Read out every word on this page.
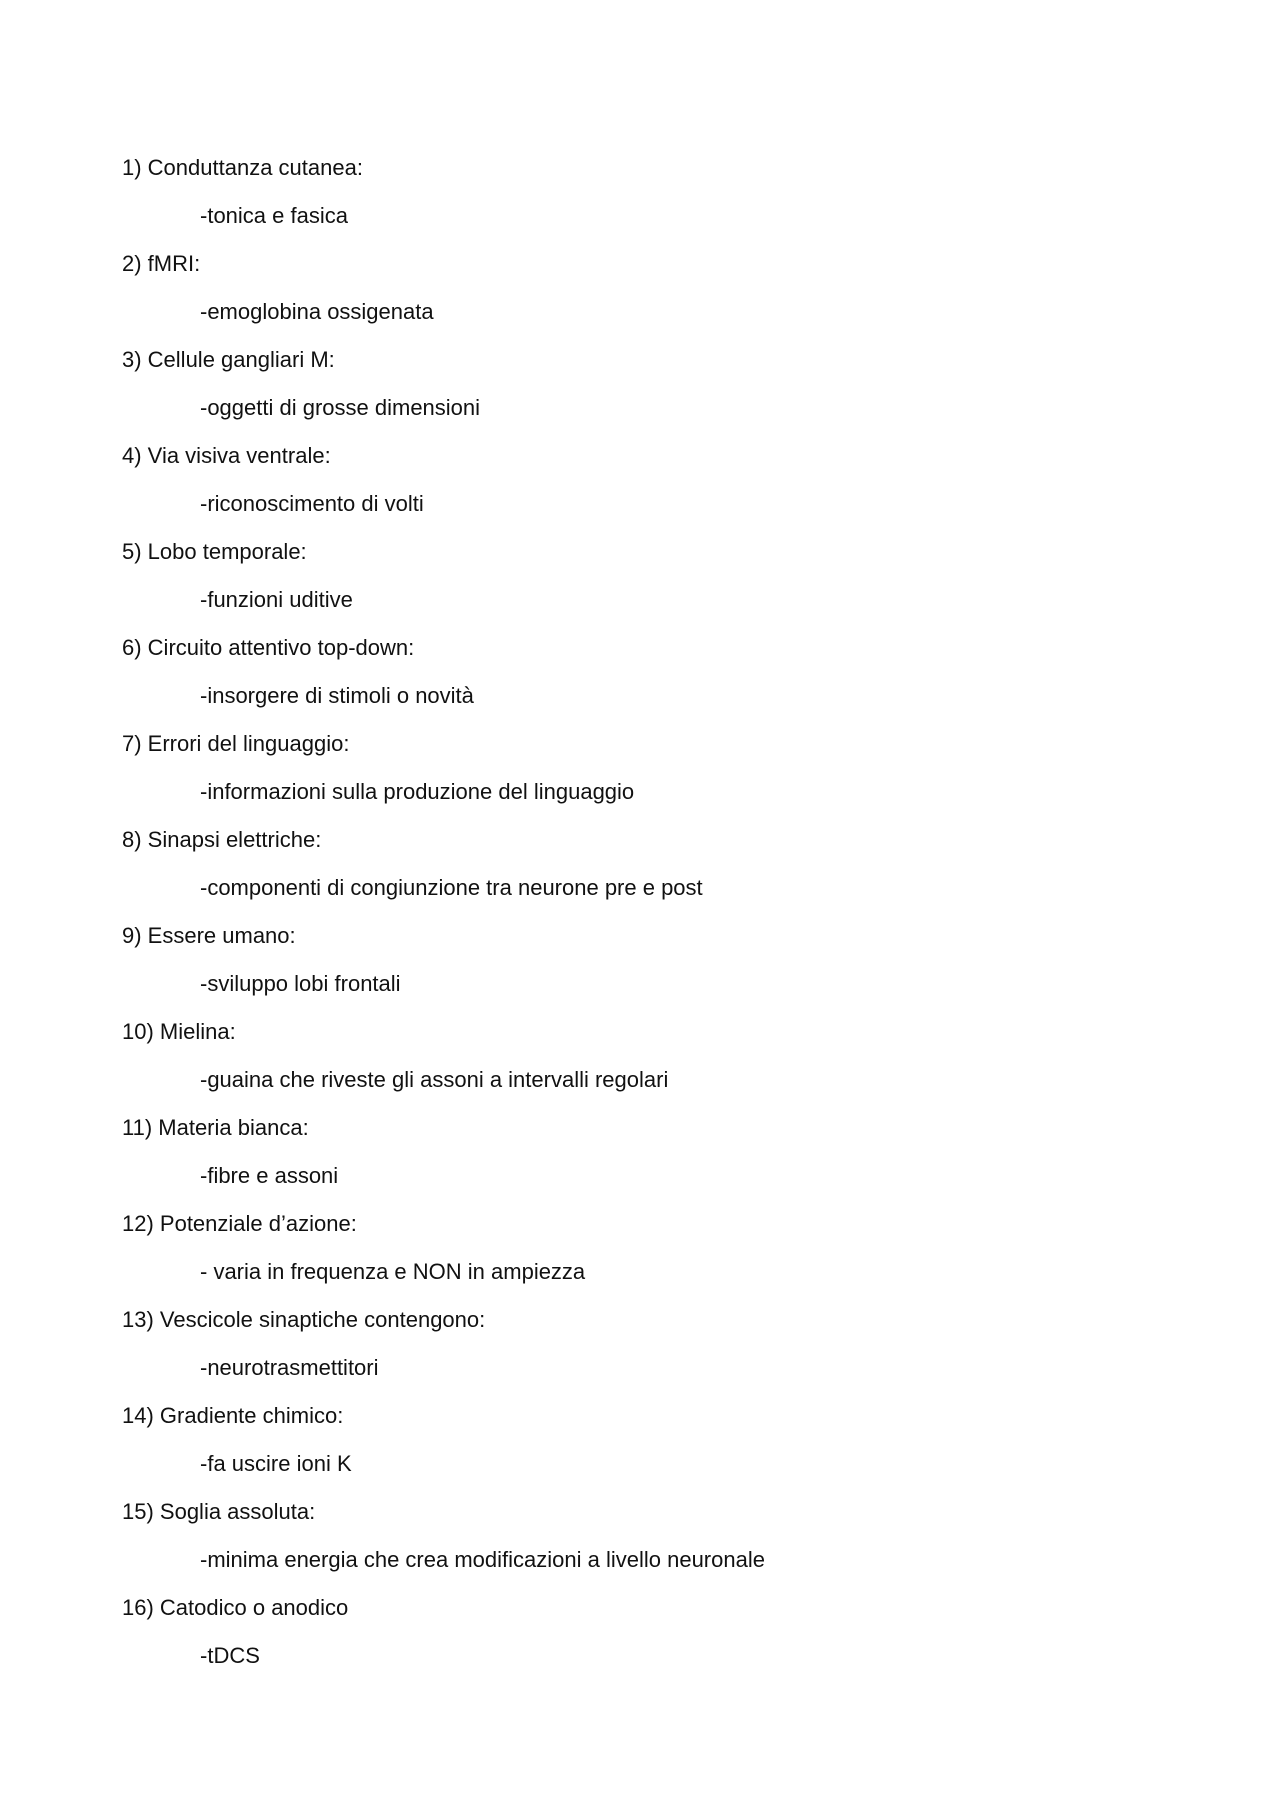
1) Conduttanza cutanea:
-tonica e fasica
2) fMRI:
-emoglobina ossigenata
3) Cellule gangliari M:
-oggetti di grosse dimensioni
4) Via visiva ventrale:
-riconoscimento di volti
5) Lobo temporale:
-funzioni uditive
6) Circuito attentivo top-down:
-insorgere di stimoli o novità
7) Errori del linguaggio:
-informazioni sulla produzione del linguaggio
8) Sinapsi elettriche:
-componenti di congiunzione tra neurone pre e post
9) Essere umano:
-sviluppo lobi frontali
10) Mielina:
-guaina che riveste gli assoni a intervalli regolari
11) Materia bianca:
-fibre e assoni
12) Potenziale d’azione:
- varia in frequenza e NON in ampiezza
13) Vescicole sinaptiche contengono:
-neurotrasmettitori
14) Gradiente chimico:
-fa uscire ioni K
15) Soglia assoluta:
-minima energia che crea modificazioni a livello neuronale
16) Catodico o anodico
-tDCS
